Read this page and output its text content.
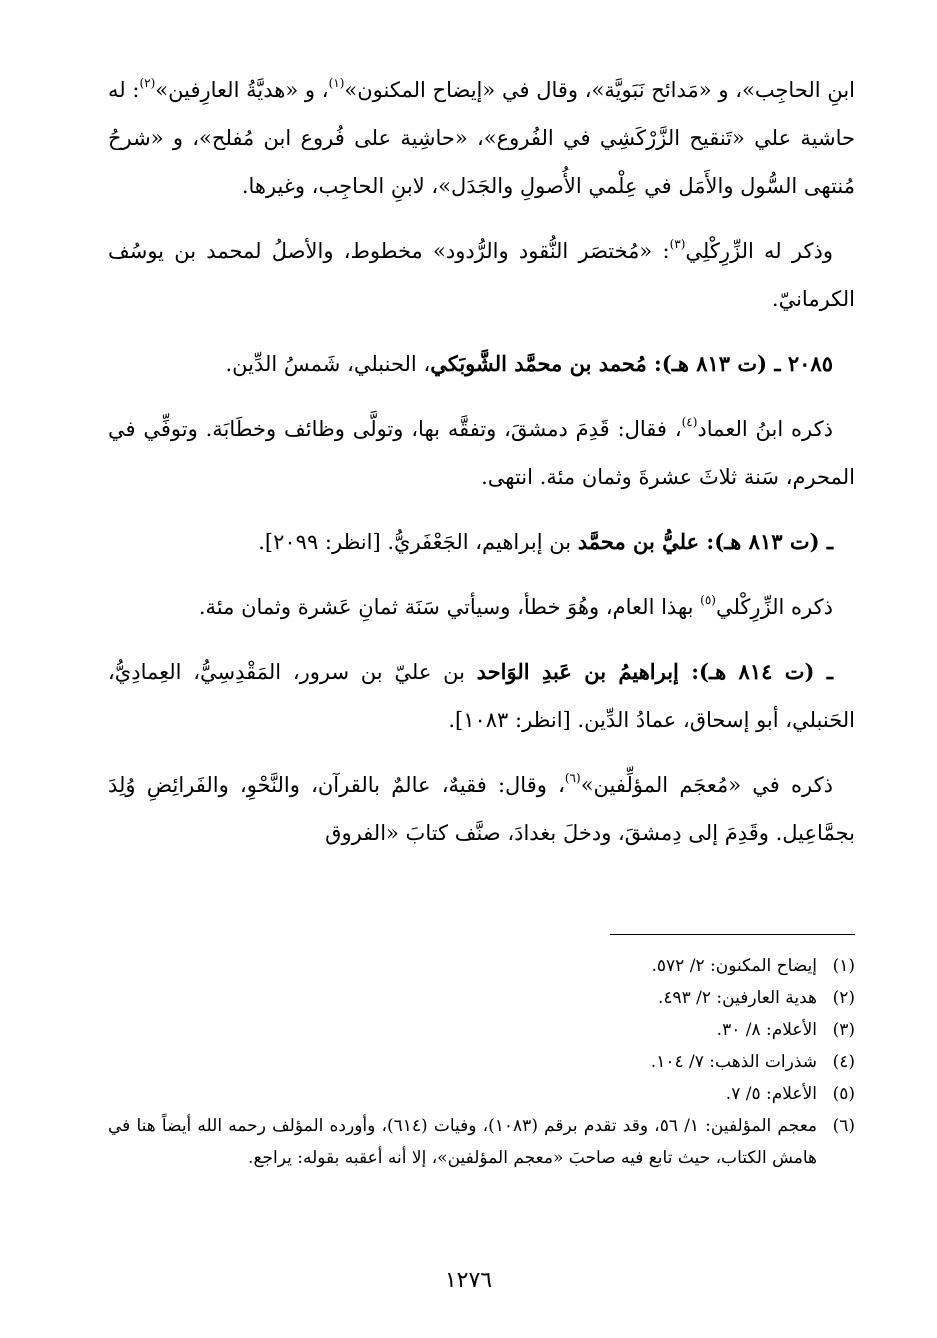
ابنِ الحاجِب»، و «مَدائح نَبَويَّة»، وقال في «إيضاح المكنون»$^{(١)}$، و «هديَّةُ العارِفين»$^{(٢)}$: له حاشية علي «تَنقيح الزَّرْكَشِي في الفُروع»، «حاشِية على فُروع ابن مُفلح»، و «شرحُ مُنتهى السُّول والأَمَل في عِلْمي الأُصولِ والجَدَل»، لابنِ الحاجِب، وغيرها.
وذكر له الزِّرِكْلِي$^{(٣)}$: «مُختصَر النُّقود والرُّدود» مخطوط، والأصلُ لمحمد بن يوسُف الكرمانيّ.
٢٠٨٥ ـ (ت ٨١٣ هـ): مُحمد بن محمَّد الشَّوبَكي، الحنبلي، شَمسُ الدِّين.
ذكره ابنُ العماد$^{(٤)}$، فقال: قَدِمَ دمشقَ، وتفقَّه بها، وتولَّى وظائف وخطَابَة. وتوفِّي في المحرم، سَنة ثلاثَ عشرةَ وثمان مئة. انتهى.
ـ (ت ٨١٣ هـ): عليُّ بن محمَّد بن إبراهيم، الجَعْفَريُّ. [انظر: ٢٠٩٩].
ذكره الزِّرِكْلي$^{(٥)}$ بهذا العام، وهُوَ خطأ، وسيأتي سَنَة ثمانِ عَشرة وثمان مئة.
ـ (ت ٨١٤ هـ): إبراهيمُ بن عَبدِ الوَاحد بن عليّ بن سرور، المَقْدِسِيُّ، العِمادِيُّ، الحَنبلي، أبو إسحاق، عمادُ الدِّين. [انظر: ١٠٨٣].
ذكره في «مُعجَم المؤلِّفين»$^{(٦)}$، وقال: فقيهٌ، عالمٌ بالقرآن، والنَّحْوِ، والفَرائِضِ وُلِدَ بجمَّاعِيل. وقَدِمَ إلى دِمشقَ، ودخلَ بغدادَ، صنَّف كتابَ «الفروق
(١)
إيضاح المكنون: ٢/ ٥٧٢.
(٢)
هدية العارفين: ٢/ ٤٩٣.
(٣)
الأعلام: ٨/ ٣٠.
(٤)
شذرات الذهب: ٧/ ١٠٤.
(٥)
الأعلام: ٥/ ٧.
(٦)
معجم المؤلفين: ١/ ٥٦، وقد تقدم برقم (١٠٨٣)، وفيات (٦١٤)، وأورده المؤلف رحمه الله أيضاً هنا في هامش الكتاب، حيث تابع فيه صاحبَ «معجم المؤلفين»، إلا أنه أعقبه بقوله: يراجع.
١٢٧٦
